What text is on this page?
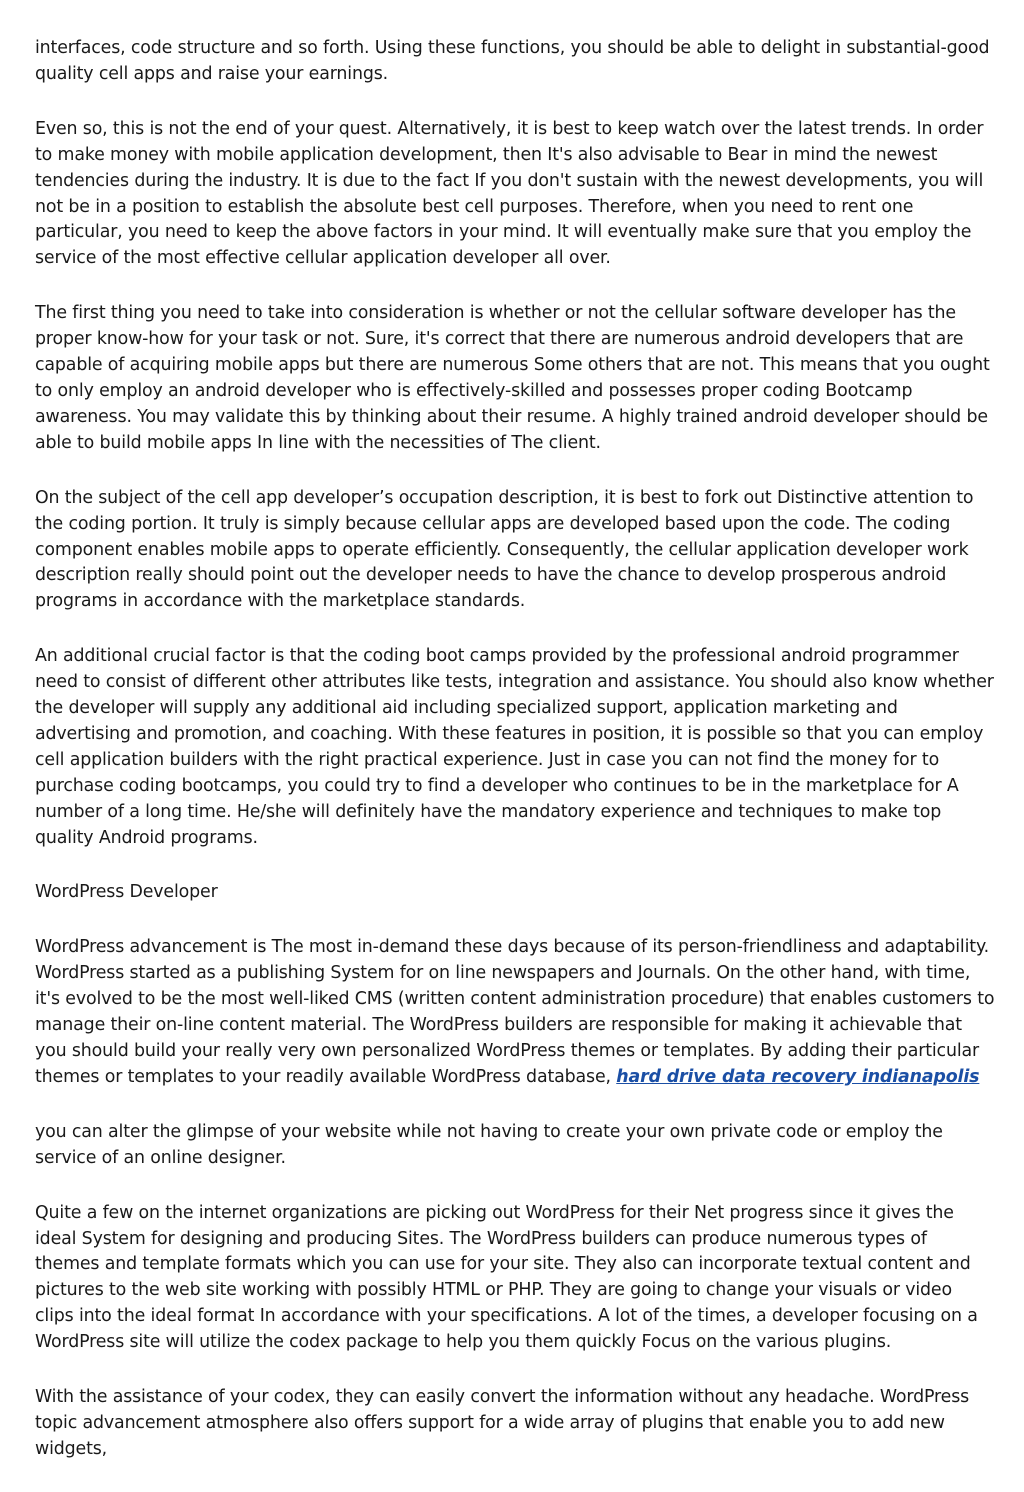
interfaces, code structure and so forth. Using these functions, you should be able to delight in substantial-good quality cell apps and raise your earnings.

Even so, this is not the end of your quest. Alternatively, it is best to keep watch over the latest trends. In order to make money with mobile application development, then It's also advisable to Bear in mind the newest tendencies during the industry. It is due to the fact If you don't sustain with the newest developments, you will not be in a position to establish the absolute best cell purposes. Therefore, when you need to rent one particular, you need to keep the above factors in your mind. It will eventually make sure that you employ the service of the most effective cellular application developer all over.

The first thing you need to take into consideration is whether or not the cellular software developer has the proper know-how for your task or not. Sure, it's correct that there are numerous android developers that are capable of acquiring mobile apps but there are numerous Some others that are not. This means that you ought to only employ an android developer who is effectively-skilled and possesses proper coding Bootcamp awareness. You may validate this by thinking about their resume. A highly trained android developer should be able to build mobile apps In line with the necessities of The client.

On the subject of the cell app developer’s occupation description, it is best to fork out Distinctive attention to the coding portion. It truly is simply because cellular apps are developed based upon the code. The coding component enables mobile apps to operate efficiently. Consequently, the cellular application developer work description really should point out the developer needs to have the chance to develop prosperous android programs in accordance with the marketplace standards.

An additional crucial factor is that the coding boot camps provided by the professional android programmer need to consist of different other attributes like tests, integration and assistance. You should also know whether the developer will supply any additional aid including specialized support, application marketing and advertising and promotion, and coaching. With these features in position, it is possible so that you can employ cell application builders with the right practical experience. Just in case you can not find the money for to purchase coding bootcamps, you could try to find a developer who continues to be in the marketplace for A number of a long time. He/she will definitely have the mandatory experience and techniques to make top quality Android programs.

WordPress Developer

WordPress advancement is The most in-demand these days because of its person-friendliness and adaptability. WordPress started as a publishing System for on line newspapers and Journals. On the other hand, with time, it's evolved to be the most well-liked CMS (written content administration procedure) that enables customers to manage their on-line content material. The WordPress builders are responsible for making it achievable that you should build your really very own personalized WordPress themes or templates. By adding their particular themes or templates to your readily available WordPress database, hard drive data recovery indianapolis

you can alter the glimpse of your website while not having to create your own private code or employ the service of an online designer.

Quite a few on the internet organizations are picking out WordPress for their Net progress since it gives the ideal System for designing and producing Sites. The WordPress builders can produce numerous types of themes and template formats which you can use for your site. They also can incorporate textual content and pictures to the web site working with possibly HTML or PHP. They are going to change your visuals or video clips into the ideal format In accordance with your specifications. A lot of the times, a developer focusing on a WordPress site will utilize the codex package to help you them quickly Focus on the various plugins.

With the assistance of your codex, they can easily convert the information without any headache. WordPress topic advancement atmosphere also offers support for a wide array of plugins that enable you to add new widgets,
